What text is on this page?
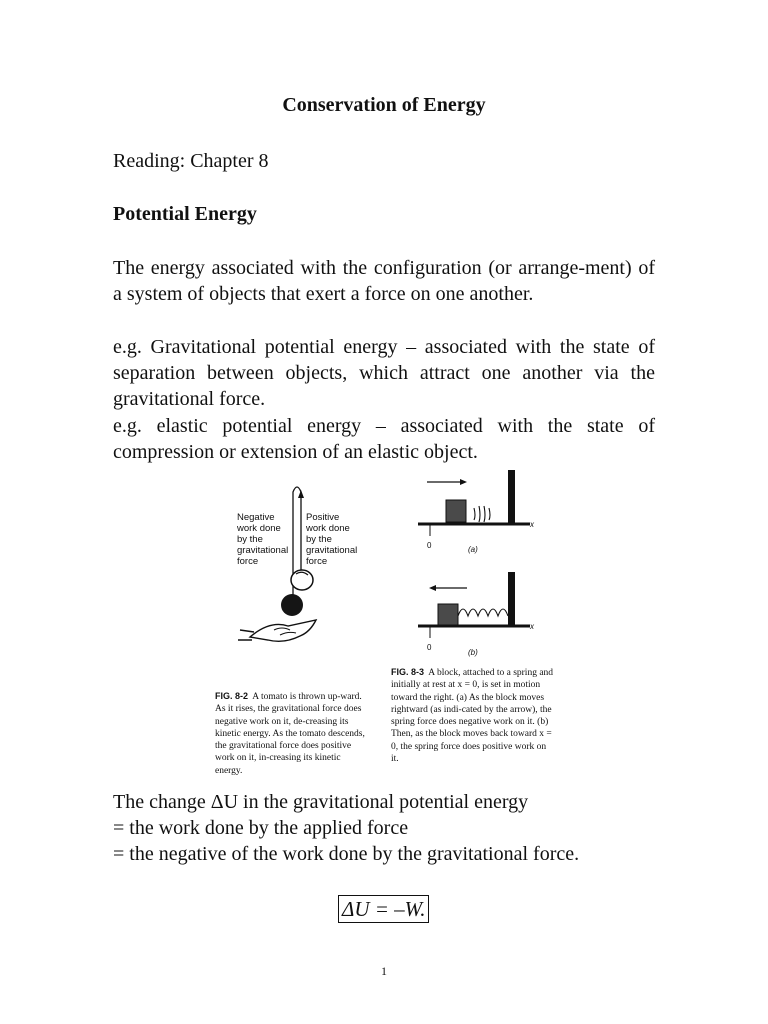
Conservation of Energy
Reading: Chapter 8
Potential Energy

The energy associated with the configuration (or arrange-ment) of a system of objects that exert a force on one another.

e.g. Gravitational potential energy – associated with the state of separation between objects, which attract one another via the gravitational force.

e.g. elastic potential energy – associated with the state of compression or extension of an elastic object.

Negative
work done
by the
gravitational
force
Positive
work done
by the
gravitational
force

FIG. 8-2 A tomato is thrown up-ward. As it rises, the gravitational force does negative work on it, de-creasing its kinetic energy. As the tomato descends, the gravitational force does positive work on it, in-creasing its kinetic energy.

x
0	(a)
x
0
(b)

FIG. 8-3 A block, attached to a spring and initially at rest at x = 0, is set in motion toward the right. (a) As the block moves rightward (as indi-cated by the arrow), the spring force does negative work on it. (b) Then, as the block moves back toward x = 0, the spring force does positive work on it.

The change ΔU in the gravitational potential energy
= the work done by the applied force
= the negative of the work done by the gravitational force.
ΔU = –W.
1
